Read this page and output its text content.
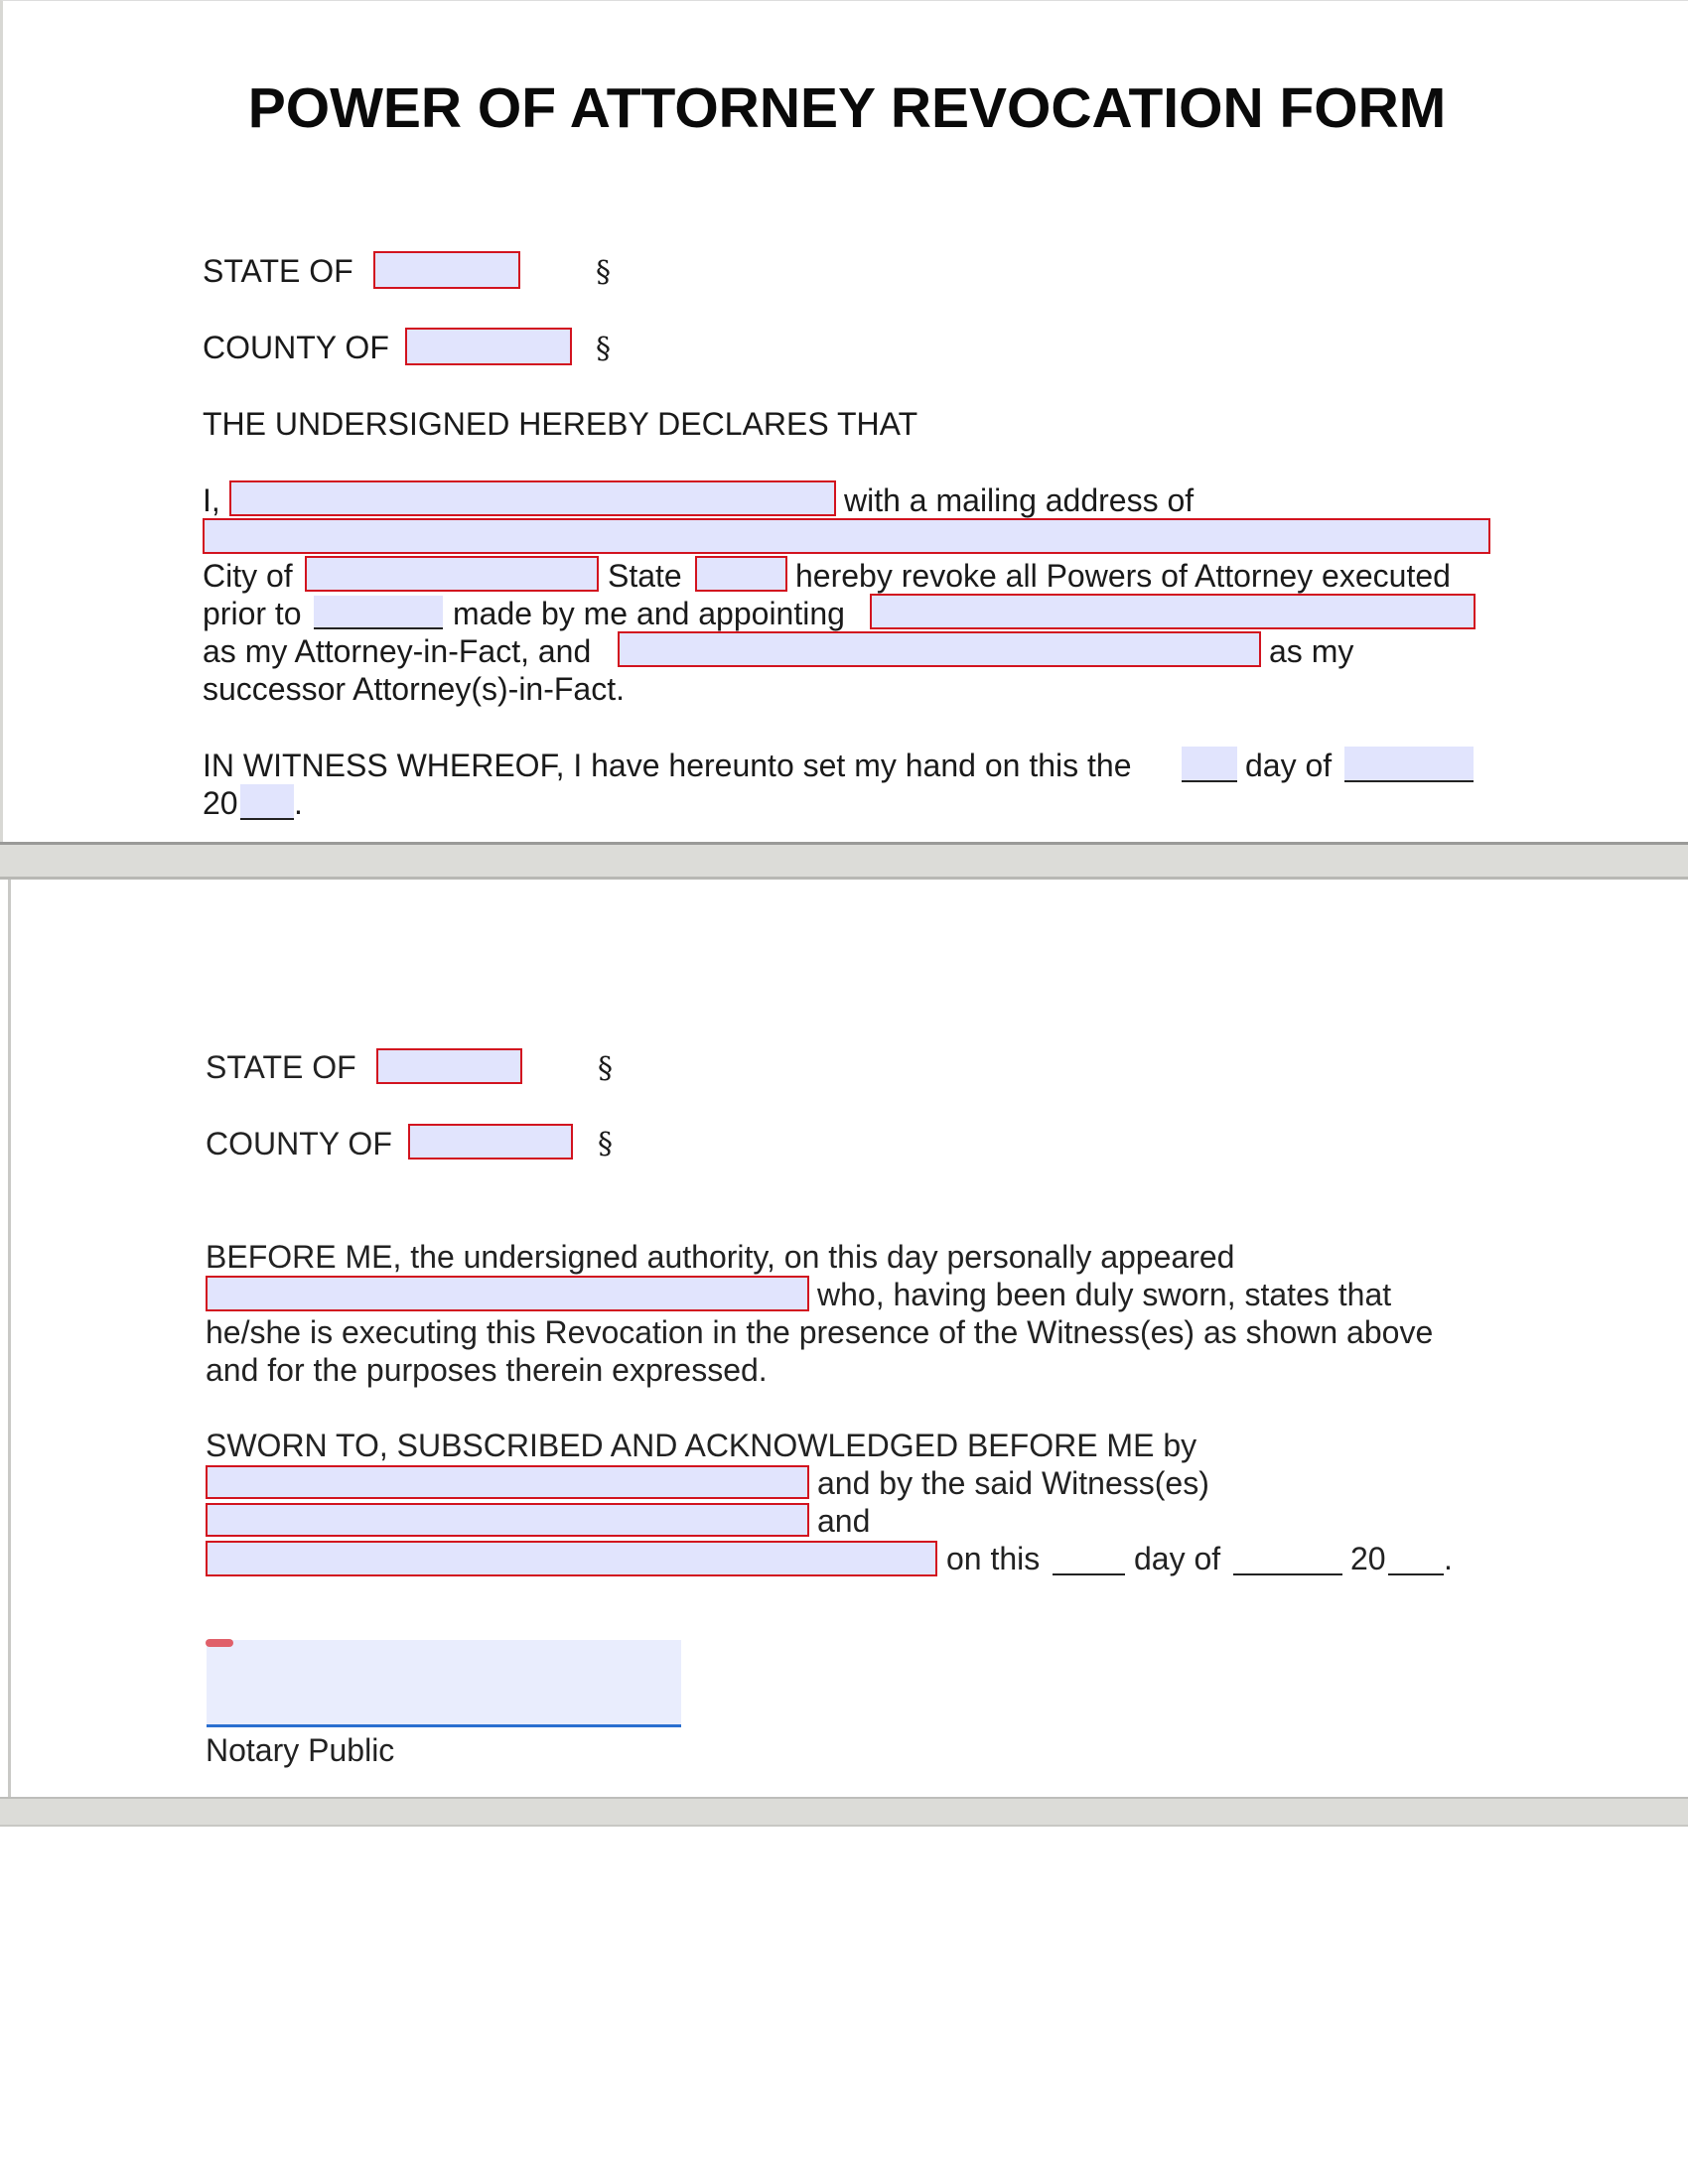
POWER OF ATTORNEY REVOCATION FORM
STATE OF	§
COUNTY OF	§
THE UNDERSIGNED HEREBY DECLARES THAT
I,	with a mailing address of
City of	State	hereby revoke all Powers of Attorney executed
prior to	made by me and appointing
as my Attorney-in-Fact, and	as my
successor Attorney(s)-in-Fact.
IN WITNESS WHEREOF, I have hereunto set my hand on this the	day of
20 .
STATE OF	§
COUNTY OF	§
BEFORE ME, the undersigned authority, on this day personally appeared
who, having been duly sworn, states that
he/she is executing this Revocation in the presence of the Witness(es) as shown above
and for the purposes therein expressed.
SWORN TO, SUBSCRIBED AND ACKNOWLEDGED BEFORE ME by
and by the said Witness(es)
and
on this	day of	20 .
Notary Public
